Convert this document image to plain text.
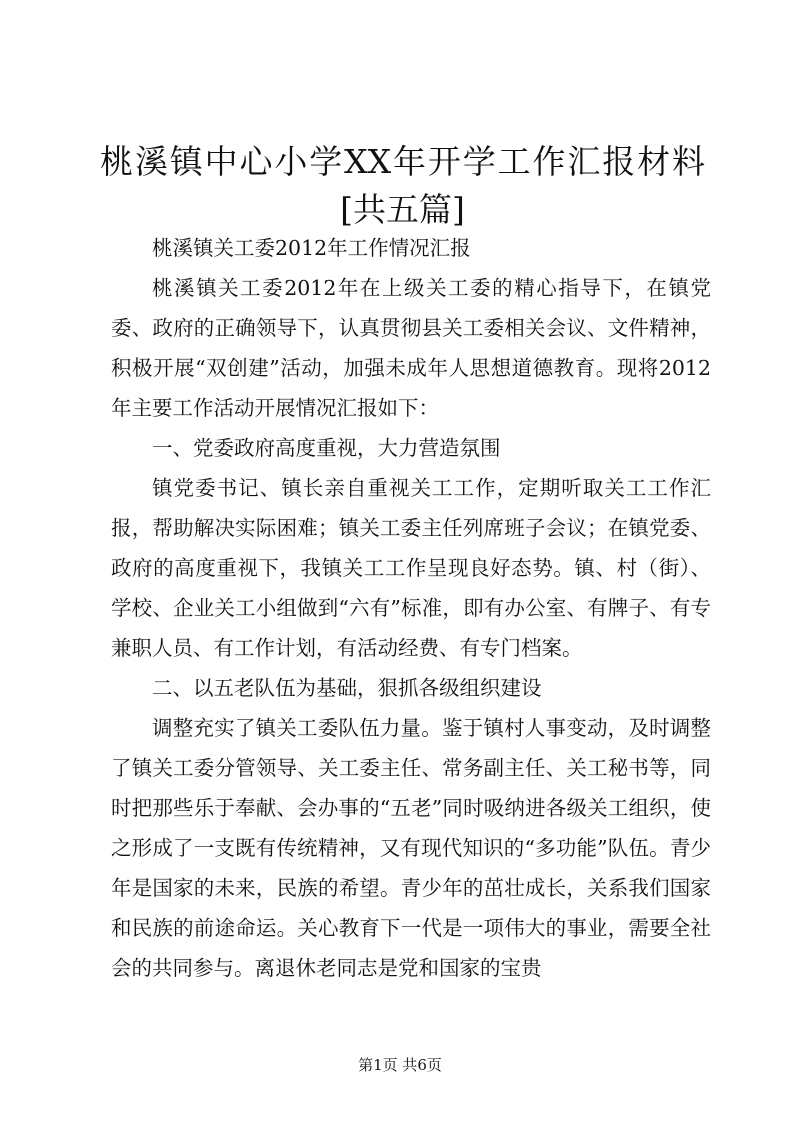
桃溪镇中心小学XX年开学工作汇报材料[共五篇]

桃溪镇关工委2012年工作情况汇报

桃溪镇关工委2012年在上级关工委的精心指导下，在镇党委、政府的正确领导下，认真贯彻县关工委相关会议、文件精神，积极开展“双创建”活动，加强未成年人思想道德教育。现将2012年主要工作活动开展情况汇报如下：

一、党委政府高度重视，大力营造氛围

镇党委书记、镇长亲自重视关工工作，定期听取关工工作汇报，帮助解决实际困难；镇关工委主任列席班子会议；在镇党委、政府的高度重视下，我镇关工工作呈现良好态势。镇、村（街）、学校、企业关工小组做到“六有”标准，即有办公室、有牌子、有专兼职人员、有工作计划，有活动经费、有专门档案。

二、以五老队伍为基础，狠抓各级组织建设

调整充实了镇关工委队伍力量。鉴于镇村人事变动，及时调整了镇关工委分管领导、关工委主任、常务副主任、关工秘书等，同时把那些乐于奉献、会办事的“五老”同时吸纳进各级关工组织，使之形成了一支既有传统精神，又有现代知识的“多功能”队伍。青少年是国家的未来，民族的希望。青少年的茁壮成长，关系我们国家和民族的前途命运。关心教育下一代是一项伟大的事业，需要全社会的共同参与。离退休老同志是党和国家的宝贵

第1页 共6页
